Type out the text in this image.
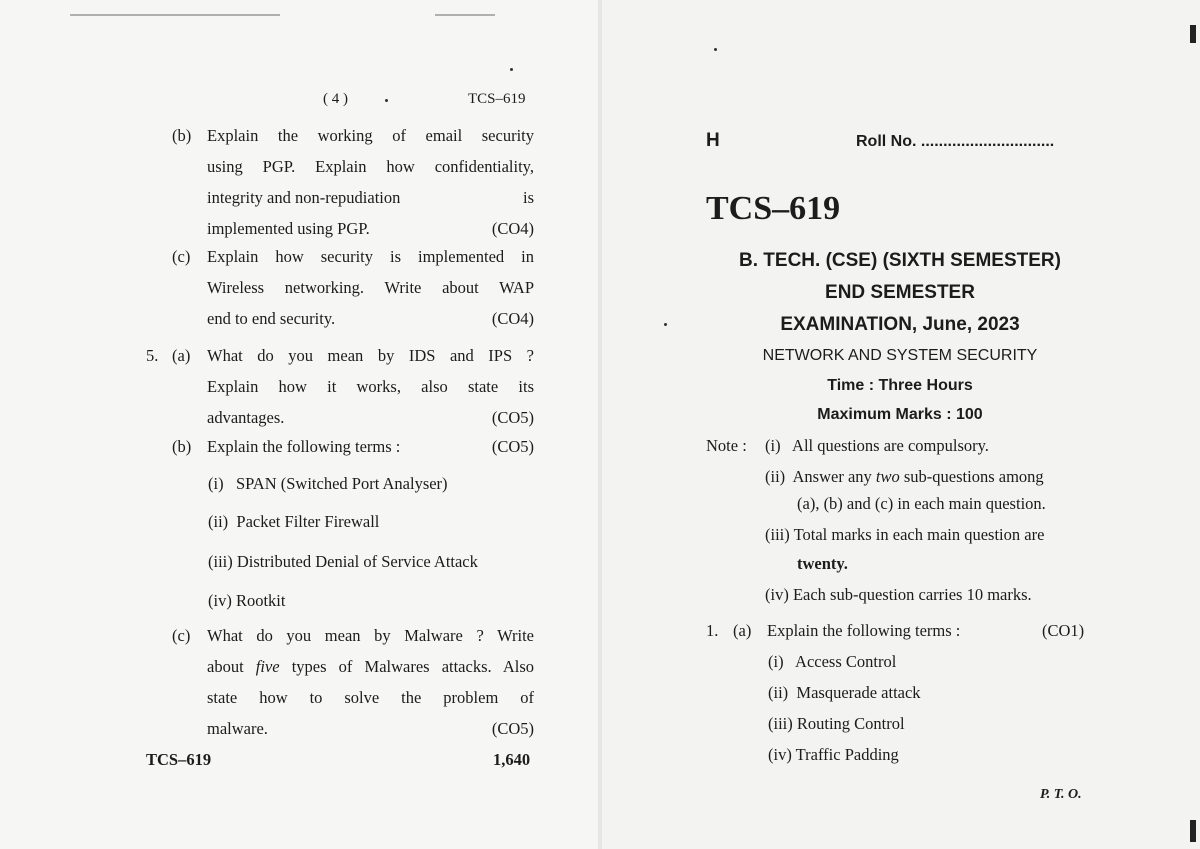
( 4 )	TCS–619
(b) Explain the working of email security
using PGP. Explain how confidentiality,
integrity and non-repudiation	is
implemented using PGP.	(CO4)
(c) Explain how security is implemented in
Wireless networking. Write about WAP
end to end security.	(CO4)
5. (a) What do you mean by IDS and IPS ?
Explain how it works, also state its
advantages.	(CO5)
(b) Explain the following terms :	(CO5)
(i)   SPAN (Switched Port Analyser)
(ii)  Packet Filter Firewall
(iii) Distributed Denial of Service Attack
(iv) Rootkit
(c) What do you mean by Malware ? Write
about five types of Malwares attacks. Also
state how to solve the problem of
malware.	(CO5)
TCS–619	1,640
H	Roll No. ..............................
TCS–619
B. TECH. (CSE) (SIXTH SEMESTER)
END SEMESTER
EXAMINATION, June, 2023
NETWORK AND SYSTEM SECURITY
Time : Three Hours
Maximum Marks : 100
Note : (i)   All questions are compulsory.
(ii)  Answer any two sub-questions among
(a), (b) and (c) in each main question.
(iii) Total marks in each main question are
twenty.
(iv) Each sub-question carries 10 marks.
1. (a) Explain the following terms :	(CO1)
(i)   Access Control
(ii)  Masquerade attack
(iii) Routing Control
(iv) Traffic Padding
P. T. O.
